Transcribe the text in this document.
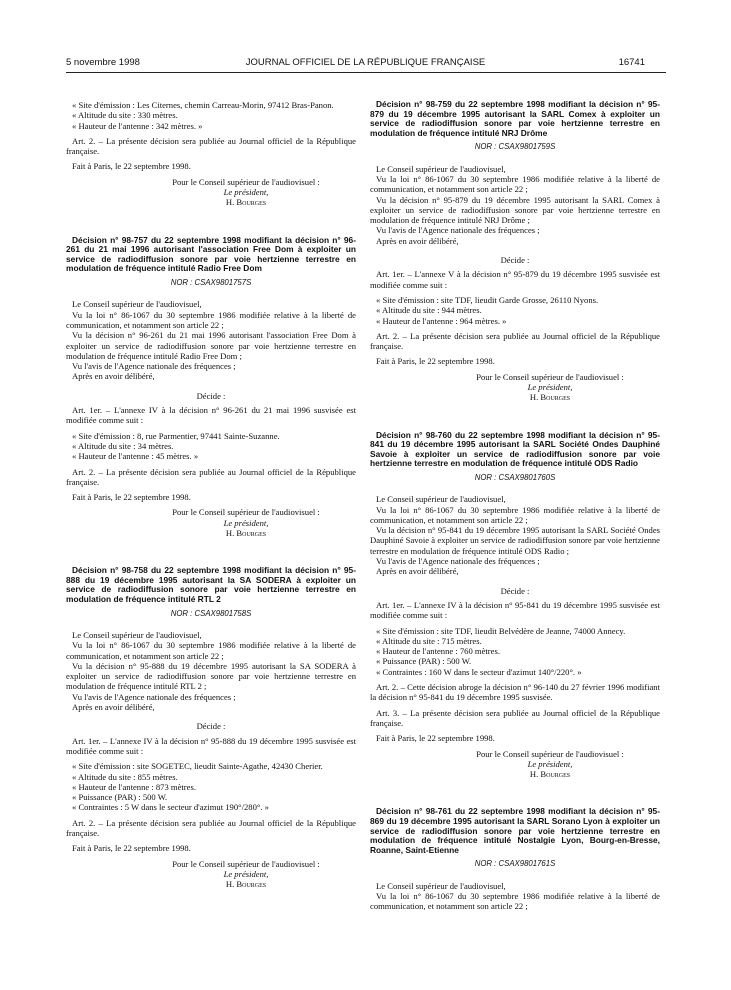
5 novembre 1998	JOURNAL OFFICIEL DE LA RÉPUBLIQUE FRANÇAISE	16741

« Site d'émission : Les Citernes, chemin Carreau-Morin, 97412 Bras-Panon.

« Altitude du site : 330 mètres.

« Hauteur de l'antenne : 342 mètres. »

Art. 2. – La présente décision sera publiée au Journal officiel de la République française.

Fait à Paris, le 22 septembre 1998.

Pour le Conseil supérieur de l'audiovisuel :
Le président,
H. Bourges

Décision n° 98-757 du 22 septembre 1998 modifiant la décision n° 96-261 du 21 mai 1996 autorisant l'association Free Dom à exploiter un service de radiodiffusion sonore par voie hertzienne terrestre en modulation de fréquence intitulé Radio Free Dom

NOR : CSAX9801757S

Le Conseil supérieur de l'audiovisuel,

Vu la loi n° 86-1067 du 30 septembre 1986 modifiée relative à la liberté de communication, et notamment son article 22 ;

Vu la décision n° 96-261 du 21 mai 1996 autorisant l'association Free Dom à exploiter un service de radiodiffusion sonore par voie hertzienne terrestre en modulation de fréquence intitulé Radio Free Dom ;

Vu l'avis de l'Agence nationale des fréquences ;

Après en avoir délibéré,

Décide :

Art. 1er. – L'annexe IV à la décision n° 96-261 du 21 mai 1996 susvisée est modifiée comme suit :

« Site d'émission : 8, rue Parmentier, 97441 Sainte-Suzanne.

« Altitude du site : 34 mètres.

« Hauteur de l'antenne : 45 mètres. »

Art. 2. – La présente décision sera publiée au Journal officiel de la République française.

Fait à Paris, le 22 septembre 1998.

Pour le Conseil supérieur de l'audiovisuel :
Le président,
H. Bourges

Décision n° 98-758 du 22 septembre 1998 modifiant la décision n° 95-888 du 19 décembre 1995 autorisant la SA SODERA à exploiter un service de radiodiffusion sonore par voie hertzienne terrestre en modulation de fréquence intitulé RTL 2

NOR : CSAX9801758S

Le Conseil supérieur de l'audiovisuel,

Vu la loi n° 86-1067 du 30 septembre 1986 modifiée relative à la liberté de communication, et notamment son article 22 ;

Vu la décision n° 95-888 du 19 décembre 1995 autorisant la SA SODERA à exploiter un service de radiodiffusion sonore par voie hertzienne terrestre en modulation de fréquence intitulé RTL 2 ;

Vu l'avis de l'Agence nationale des fréquences ;

Après en avoir délibéré,

Décide :

Art. 1er. – L'annexe IV à la décision n° 95-888 du 19 décembre 1995 susvisée est modifiée comme suit :

« Site d'émission : site SOGETEC, lieudit Sainte-Agathe, 42430 Cherier.

« Altitude du site : 855 mètres.

« Hauteur de l'antenne : 873 mètres.

« Puissance (PAR) : 500 W.

« Contraintes : 5 W dans le secteur d'azimut 190°/280°. »

Art. 2. – La présente décision sera publiée au Journal officiel de la République française.

Fait à Paris, le 22 septembre 1998.

Pour le Conseil supérieur de l'audiovisuel :
Le président,
H. Bourges

Décision n° 98-759 du 22 septembre 1998 modifiant la décision n° 95-879 du 19 décembre 1995 autorisant la SARL Comex à exploiter un service de radiodiffusion sonore par voie hertzienne terrestre en modulation de fréquence intitulé NRJ Drôme

NOR : CSAX9801759S

Le Conseil supérieur de l'audiovisuel,

Vu la loi n° 86-1067 du 30 septembre 1986 modifiée relative à la liberté de communication, et notamment son article 22 ;

Vu la décision n° 95-879 du 19 décembre 1995 autorisant la SARL Comex à exploiter un service de radiodiffusion sonore par voie hertzienne terrestre en modulation de fréquence intitulé NRJ Drôme ;

Vu l'avis de l'Agence nationale des fréquences ;

Après en avoir délibéré,

Décide :

Art. 1er. – L'annexe V à la décision n° 95-879 du 19 décembre 1995 susvisée est modifiée comme suit :

« Site d'émission : site TDF, lieudit Garde Grosse, 26110 Nyons.

« Altitude du site : 944 mètres.

« Hauteur de l'antenne : 964 mètres. »

Art. 2. – La présente décision sera publiée au Journal officiel de la République française.

Fait à Paris, le 22 septembre 1998.

Pour le Conseil supérieur de l'audiovisuel :
Le président,
H. Bourges

Décision n° 98-760 du 22 septembre 1998 modifiant la décision n° 95-841 du 19 décembre 1995 autorisant la SARL Société Ondes Dauphiné Savoie à exploiter un service de radiodiffusion sonore par voie hertzienne terrestre en modulation de fréquence intitulé ODS Radio

NOR : CSAX9801760S

Le Conseil supérieur de l'audiovisuel,

Vu la loi n° 86-1067 du 30 septembre 1986 modifiée relative à la liberté de communication, et notamment son article 22 ;

Vu la décision n° 95-841 du 19 décembre 1995 autorisant la SARL Société Ondes Dauphiné Savoie à exploiter un service de radiodiffusion sonore par voie hertzienne terrestre en modulation de fréquence intitulé ODS Radio ;

Vu l'avis de l'Agence nationale des fréquences ;

Après en avoir délibéré,

Décide :

Art. 1er. – L'annexe IV à la décision n° 95-841 du 19 décembre 1995 susvisée est modifiée comme suit :

« Site d'émission : site TDF, lieudit Belvédère de Jeanne, 74000 Annecy.

« Altitude du site : 715 mètres.

« Hauteur de l'antenne : 760 mètres.

« Puissance (PAR) : 500 W.

« Contraintes : 160 W dans le secteur d'azimut 140°/220°. »

Art. 2. – Cette décision abroge la décision n° 96-140 du 27 février 1996 modifiant la décision n° 95-841 du 19 décembre 1995 susvisée.

Art. 3. – La présente décision sera publiée au Journal officiel de la République française.

Fait à Paris, le 22 septembre 1998.

Pour le Conseil supérieur de l'audiovisuel :
Le président,
H. Bourges

Décision n° 98-761 du 22 septembre 1998 modifiant la décision n° 95-869 du 19 décembre 1995 autorisant la SARL Sorano Lyon à exploiter un service de radiodiffusion sonore par voie hertzienne terrestre en modulation de fréquence intitulé Nostalgie Lyon, Bourg-en-Bresse, Roanne, Saint-Etienne

NOR : CSAX9801761S

Le Conseil supérieur de l'audiovisuel,

Vu la loi n° 86-1067 du 30 septembre 1986 modifiée relative à la liberté de communication, et notamment son article 22 ;
